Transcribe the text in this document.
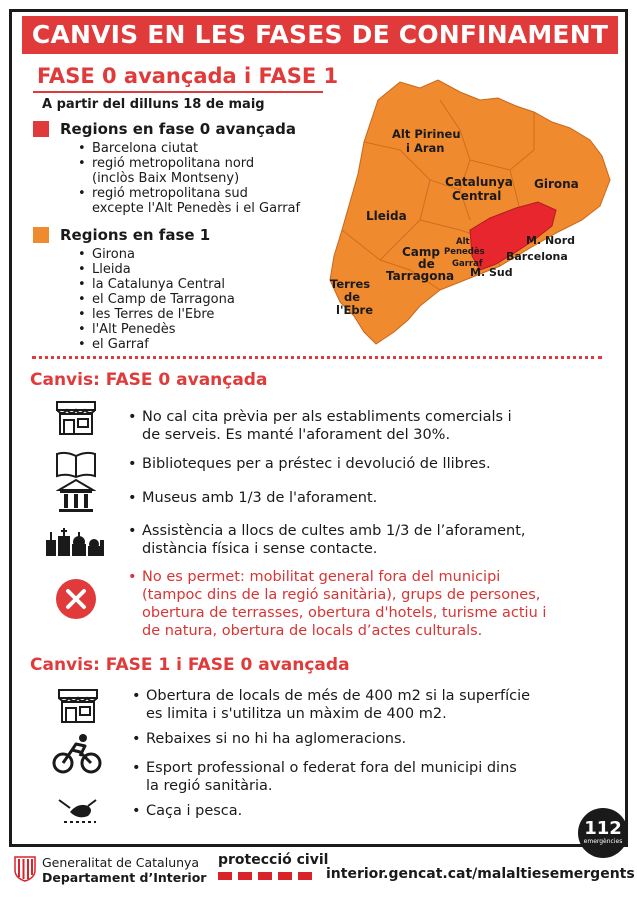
CANVIS EN LES FASES DE CONFINAMENT
FASE 0 avançada i FASE 1
A partir del dilluns 18 de maig
Regions en fase 0 avançada
• Barcelona ciutat
• regió metropolitana nord
(inclòs Baix Montseny)
• regió metropolitana sud
excepte l'Alt Penedès i el Garraf
Regions en fase 1
• Girona
• Lleida
• la Catalunya Central
• el Camp de Tarragona
• les Terres de l'Ebre
• l'Alt Penedès
• el Garraf
Alt Pirineu
i Aran
Catalunya
Central
Girona
Lleida
Camp
de
Tarragona
Terres
de
l'Ebre
Alt
Penedès
Garraf
M. Nord
Barcelona
M. Sud
Canvis: FASE 0 avançada
• No cal cita prèvia per als establiments comercials i
de serveis. Es manté l'aforament del 30%.
• Biblioteques per a préstec i devolució de llibres.
• Museus amb 1/3 de l'aforament.
• Assistència a llocs de cultes amb 1/3 de l’aforament,
distància física i sense contacte.
• No es permet: mobilitat general fora del municipi
(tampoc dins de la regió sanitària), grups de persones,
obertura de terrasses, obertura d'hotels, turisme actiu i
de natura, obertura de locals d’actes culturals.
Canvis: FASE 1 i FASE 0 avançada
• Obertura de locals de més de 400 m2 si la superfície
es limita i s'utilitza un màxim de 400 m2.
• Rebaixes si no hi ha aglomeracions.
• Esport professional o federat fora del municipi dins
la regió sanitària.
• Caça i pesca.
112
emergències
Generalitat de Catalunya
Departament d’Interior
protecció civil
interior.gencat.cat/malaltiesemergents
